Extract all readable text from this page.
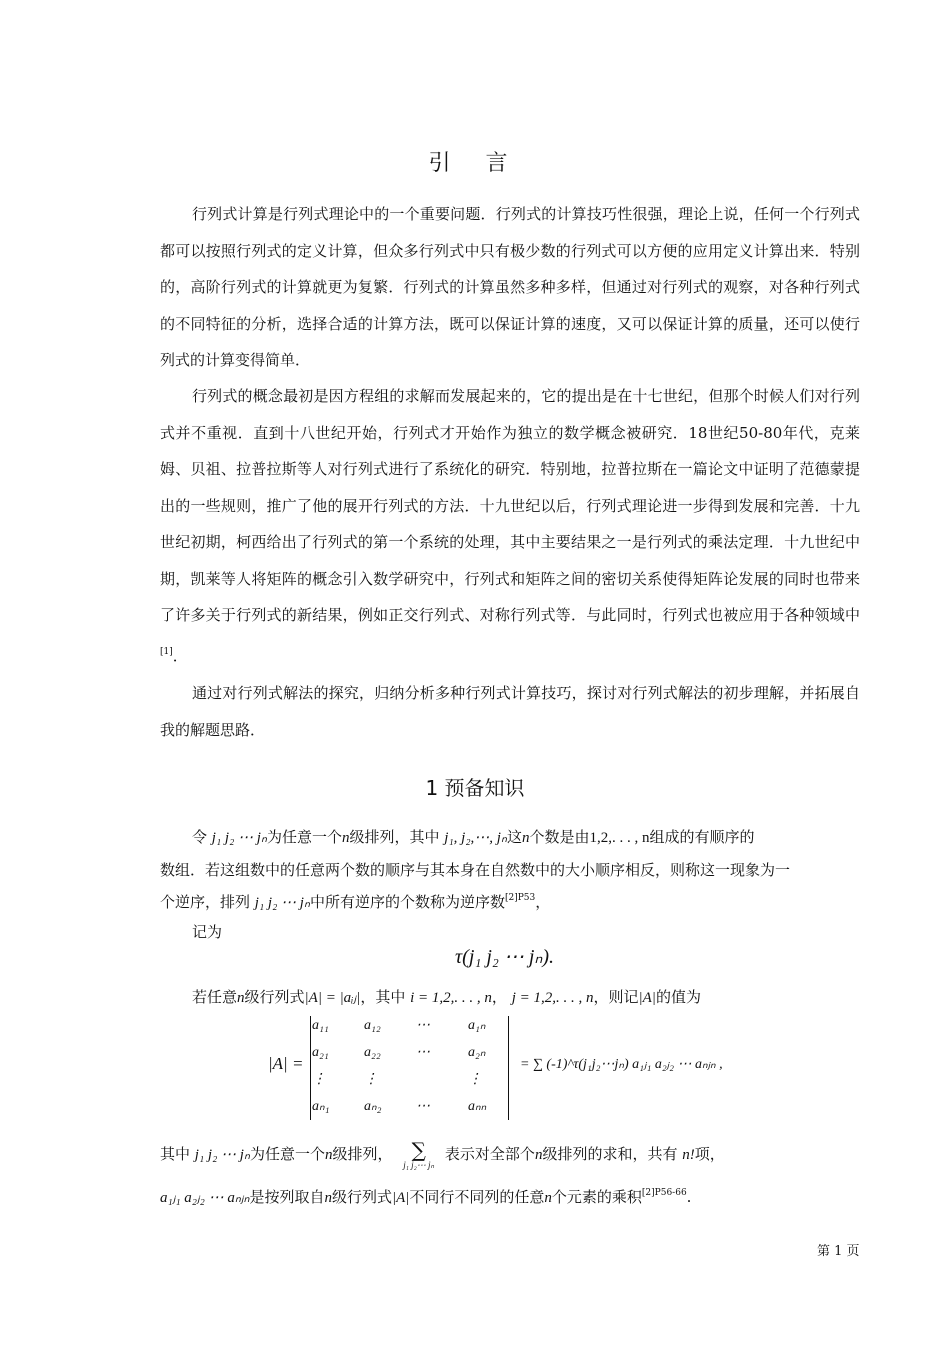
引 言

行列式计算是行列式理论中的一个重要问题．行列式的计算技巧性很强，理论上说，任何一个行列式都可以按照行列式的定义计算，但众多行列式中只有极少数的行列式可以方便的应用定义计算出来．特别的，高阶行列式的计算就更为复繁．行列式的计算虽然多种多样，但通过对行列式的观察，对各种行列式的不同特征的分析，选择合适的计算方法，既可以保证计算的速度，又可以保证计算的质量，还可以使行列式的计算变得简单．

行列式的概念最初是因方程组的求解而发展起来的，它的提出是在十七世纪，但那个时候人们对行列式并不重视．直到十八世纪开始，行列式才开始作为独立的数学概念被研究．18世纪50-80年代，克莱姆、贝祖、拉普拉斯等人对行列式进行了系统化的研究．特别地，拉普拉斯在一篇论文中证明了范德蒙提出的一些规则，推广了他的展开行列式的方法．十九世纪以后，行列式理论进一步得到发展和完善．十九世纪初期，柯西给出了行列式的第一个系统的处理，其中主要结果之一是行列式的乘法定理．十九世纪中期，凯莱等人将矩阵的概念引入数学研究中，行列式和矩阵之间的密切关系使得矩阵论发展的同时也带来了许多关于行列式的新结果，例如正交行列式、对称行列式等．与此同时，行列式也被应用于各种领域中[1]．

通过对行列式解法的探究，归纳分析多种行列式计算技巧，探讨对行列式解法的初步理解，并拓展自我的解题思路．

1 预备知识
令 j₁ j₂ ⋯ jₙ为任意一个n级排列，其中 j₁, j₂,⋯, jₙ这n个数是由1,2,. . . , n组成的有顺序的
数组．若这组数中的任意两个数的顺序与其本身在自然数中的大小顺序相反，则称这一现象为一
个逆序，排列 j₁ j₂ ⋯ jₙ中所有逆序的个数称为逆序数$^{[2]P53}$，
记为
τ(j₁ j₂ ⋯ jₙ).
若任意n级行列式|A| = |aᵢⱼ|，其中 i = 1,2,. . . , n， j = 1,2,. . . , n，则记|A|的值为
|A| =
a₁₁	a₁₂	⋯	a₁ₙ
a₂₁	a₂₂	⋯	a₂ₙ
⋮	⋮		⋮
aₙ₁	aₙ₂	⋯	aₙₙ
= ∑ (-1)^τ(j₁j₂⋯jₙ) a₁ⱼ₁ a₂ⱼ₂ ⋯ aₙⱼₙ ,
其中 j₁ j₂ ⋯ jₙ为任意一个n级排列， ∑
j₁ j₂⋯ jₙ
表示对全部个n级排列的求和，共有 n!项，
a₁ⱼ₁ a₂ⱼ₂ ⋯ aₙⱼₙ是按列取自n级行列式|A|不同行不同列的任意n个元素的乘积$^{[2]P56-66}$.
第 1 页
